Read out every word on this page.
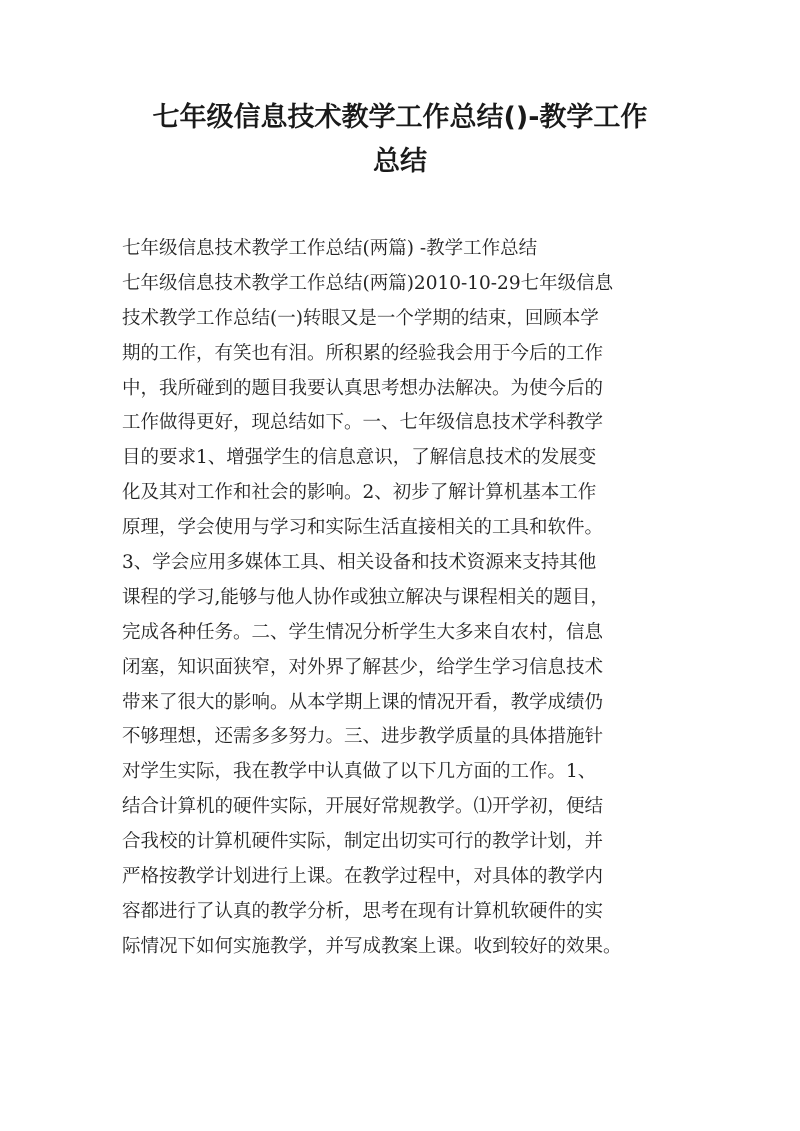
七年级信息技术教学工作总结()-教学工作
总结
七年级信息技术教学工作总结(两篇) -教学工作总结
七年级信息技术教学工作总结(两篇)2010-10-29七年级信息
技术教学工作总结(一)转眼又是一个学期的结束，回顾本学
期的工作，有笑也有泪。所积累的经验我会用于今后的工作
中，我所碰到的题目我要认真思考想办法解决。为使今后的
工作做得更好，现总结如下。一、七年级信息技术学科教学
目的要求1、增强学生的信息意识，了解信息技术的发展变
化及其对工作和社会的影响。2、初步了解计算机基本工作
原理，学会使用与学习和实际生活直接相关的工具和软件。
3、学会应用多媒体工具、相关设备和技术资源来支持其他
课程的学习,能够与他人协作或独立解决与课程相关的题目，
完成各种任务。二、学生情况分析学生大多来自农村，信息
闭塞，知识面狭窄，对外界了解甚少，给学生学习信息技术
带来了很大的影响。从本学期上课的情况开看，教学成绩仍
不够理想，还需多多努力。三、进步教学质量的具体措施针
对学生实际，我在教学中认真做了以下几方面的工作。1、
结合计算机的硬件实际，开展好常规教学。⑴开学初，便结
合我校的计算机硬件实际，制定出切实可行的教学计划，并
严格按教学计划进行上课。在教学过程中，对具体的教学内
容都进行了认真的教学分析，思考在现有计算机软硬件的实
际情况下如何实施教学，并写成教案上课。收到较好的效果。
